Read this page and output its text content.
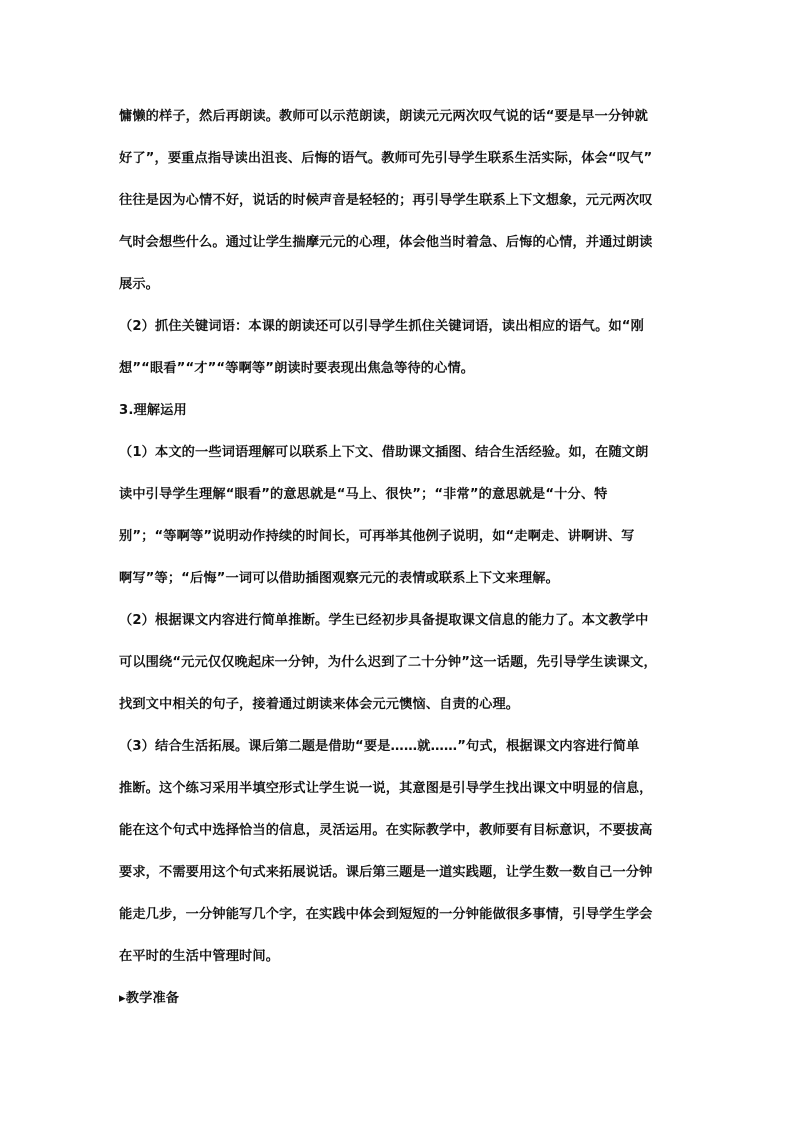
慵懒的样子，然后再朗读。教师可以示范朗读，朗读元元两次叹气说的话“要是早一分钟就
好了”，要重点指导读出沮丧、后悔的语气。教师可先引导学生联系生活实际，体会“叹气”
往往是因为心情不好，说话的时候声音是轻轻的；再引导学生联系上下文想象，元元两次叹
气时会想些什么。通过让学生揣摩元元的心理，体会他当时着急、后悔的心情，并通过朗读
展示。
（2）抓住关键词语：本课的朗读还可以引导学生抓住关键词语，读出相应的语气。如“刚
想”“眼看”“才”“等啊等”朗读时要表现出焦急等待的心情。
3.理解运用
（1）本文的一些词语理解可以联系上下文、借助课文插图、结合生活经验。如，在随文朗
读中引导学生理解“眼看”的意思就是“马上、很快”；“非常”的意思就是“十分、特
别”；“等啊等”说明动作持续的时间长，可再举其他例子说明，如“走啊走、讲啊讲、写
啊写”等；“后悔”一词可以借助插图观察元元的表情或联系上下文来理解。
（2）根据课文内容进行简单推断。学生已经初步具备提取课文信息的能力了。本文教学中
可以围绕“元元仅仅晚起床一分钟，为什么迟到了二十分钟”这一话题，先引导学生读课文，
找到文中相关的句子，接着通过朗读来体会元元懊恼、自责的心理。
（3）结合生活拓展。课后第二题是借助“要是……就……”句式，根据课文内容进行简单
推断。这个练习采用半填空形式让学生说一说，其意图是引导学生找出课文中明显的信息，
能在这个句式中选择恰当的信息，灵活运用。在实际教学中，教师要有目标意识，不要拔高
要求，不需要用这个句式来拓展说话。课后第三题是一道实践题，让学生数一数自己一分钟
能走几步，一分钟能写几个字，在实践中体会到短短的一分钟能做很多事情，引导学生学会
在平时的生活中管理时间。
▸教学准备
